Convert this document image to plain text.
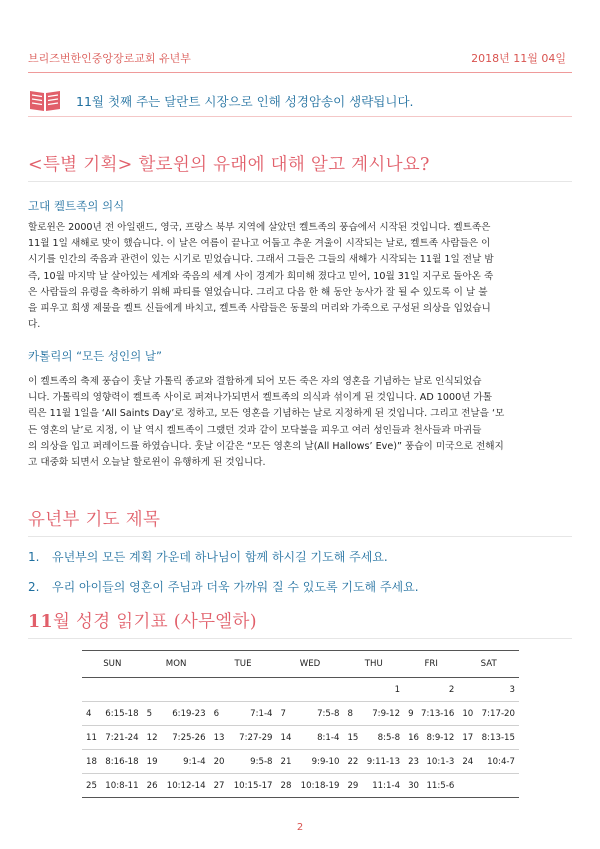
브리즈번한인중앙장로교회 유년부	2018년 11월 04일
11월 첫째 주는 달란트 시장으로 인해 성경암송이 생략됩니다.
<특별 기획> 할로윈의 유래에 대해 알고 계시나요?
고대 켈트족의 의식
할로윈은 2000년 전 아일랜드, 영국, 프랑스 북부 지역에 살았던 켈트족의 풍습에서 시작된 것입니다. 켈트족은
11월 1일 새해로 맞이 했습니다. 이 날은 여름이 끝나고 어둡고 추운 겨울이 시작되는 날로, 켈트족 사람들은 이
시기를 인간의 죽음과 관련이 있는 시기로 믿었습니다. 그래서 그들은 그들의 새해가 시작되는 11월 1일 전날 밤
즉, 10월 마지막 날 살아있는 세계와 죽음의 세계 사이 경계가 희미해 졌다고 믿어, 10월 31일 지구로 돌아온 죽
은 사람들의 유령을 축하하기 위해 파티를 열었습니다. 그리고 다음 한 해 동안 농사가 잘 될 수 있도록 이 날 불
을 피우고 희생 제물을 켈트 신들에게 바치고, 켈트족 사람들은 동물의 머리와 가죽으로 구성된 의상을 입었습니
다.
카톨릭의 “모든 성인의 날”
이 켈트족의 축제 풍습이 훗날 가톨릭 종교와 결합하게 되어 모든 죽은 자의 영혼을 기념하는 날로 인식되었습
니다. 가톨릭의 영향력이 켈트족 사이로 퍼져나가되면서 켈트족의 의식과 섞이게 된 것입니다. AD 1000년 가톨
릭은 11월 1일을 ‘All Saints Day’로 정하고, 모든 영혼을 기념하는 날로 지정하게 된 것입니다. 그리고 전날을 ‘모
든 영혼의 날’로 지정, 이 날 역시 켈트족이 그랬던 것과 같이 모닥불을 피우고 여러 성인들과 천사들과 마귀들
의 의상을 입고 퍼레이드를 하였습니다. 훗날 이같은 “모든 영혼의 날(All Hallows’ Eve)” 풍습이 미국으로 전해지
고 대중화 되면서 오늘날 할로윈이 유행하게 된 것입니다.
유년부 기도 제목
1. 유년부의 모든 계획 가운데 하나님이 함께 하시길 기도해 주세요.
2. 우리 아이들의 영혼이 주님과 더욱 가까워 질 수 있도록 기도해 주세요.
11월 성경 읽기표 (사무엘하)
SUN	MON	TUE	WED	THU	FRI	SAT

				1	2	3

4 6:15-18	5 6:19-23	6 7:1-4	7 7:5-8	8 7:9-12	9 7:13-16	10 7:17-20

11 7:21-24	12 7:25-26	13 7:27-29	14 8:1-4	15 8:5-8	16 8:9-12	17 8:13-15

18 8:16-18	19 9:1-4	20 9:5-8	21 9:9-10	22 9:11-13	23 10:1-3	24 10:4-7

25 10:8-11	26 10:12-14	27 10:15-17	28 10:18-19	29 11:1-4	30 11:5-6	

2
